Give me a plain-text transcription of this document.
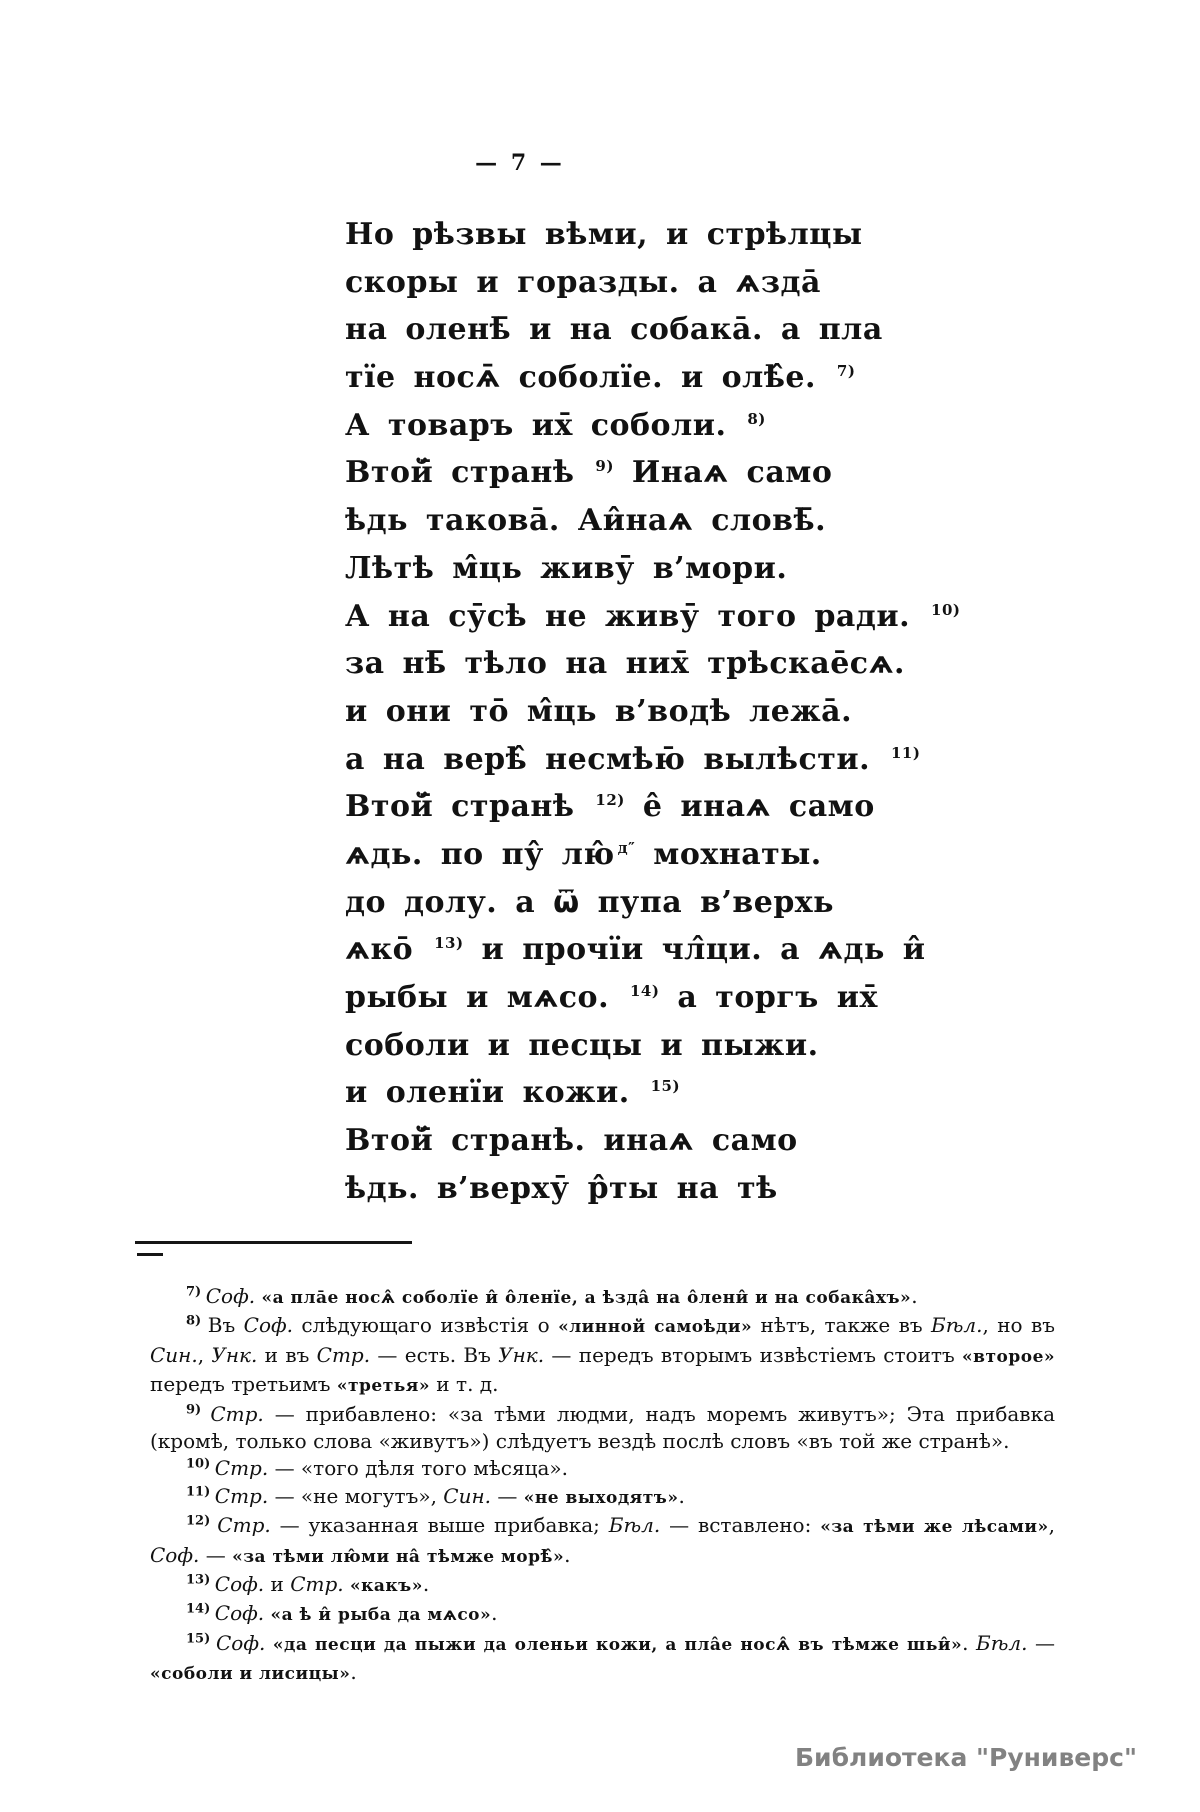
— 7 —
Но рѣзвы вѣми, и стрѣлцы
скоры и горазды. а ѧзда̄
на оленѣ̄ и на собака̄. а пла
тїе носѧ̄ соболїе. и олѣ̂е. $^{7)}$
А товаръ их̄ соболи. $^{8)}$
Втой̄ странѣ $^{9)}$ Инаѧ само
ѣдь такова̄. Аи̂наѧ словѣ̄.
Лѣтѣ м̂ць живӯ в’мори.
А на сӯсѣ не живӯ того ради. $^{10)}$
за нѣ̄ тѣло на них̄ трѣскае̄сѧ.
и они то̄ м̂ць в’водѣ лежа̄.
а на верѣ̂ несмѣю̄ вылѣсти. $^{11)}$
Втой̄ странѣ $^{12)}$ е̂ инаѧ само
ѧдь. по пу̂ лю̂ $^{д''}$ мохнаты.
до долу. а ѿ пупа в’верхь
ѧко̄ $^{13)}$ и прочїи чл̂ци. а ѧдь и̂
рыбы и мѧсо. $^{14)}$ а торгъ их̄
соболи и песцы и пыжи.
и оленїи кожи. $^{15)}$
Втой̄ странѣ. инаѧ само
ѣдь. в’верхӯ р̂ты на тѣ

$^{7)}$ Соф. «а пла̄е носѧ̂ соболїе и̂ о̂ленїе, а ѣзда̂ на о̂лени̂ и на собака̂хъ».

$^{8)}$ Въ Соф. слѣдующаго извѣстія о «линной самоѣди» нѣтъ, также въ Бѣл., но въ Син., Унк. и въ Стр. — есть. Въ Унк. — передъ вторымъ извѣстіемъ стоитъ «второе» передъ третьимъ «третья» и т. д.

$^{9)}$ Стр. — прибавлено: «за тѣми людми, надъ моремъ живутъ»; Эта прибавка (кромѣ, только слова «живутъ») слѣдуетъ вездѣ послѣ словъ «въ той же странѣ».

$^{10)}$ Стр. — «того дѣля того мѣсяца».

$^{11)}$ Стр. — «не могутъ», Син. — «не выходятъ».

$^{12)}$ Стр. — указанная выше прибавка; Бѣл. — вставлено: «за тѣми же лѣсами», Соф. — «за тѣми лю̂ми на̂ тѣмже морѣ̂».

$^{13)}$ Соф. и Стр. «какъ».

$^{14)}$ Соф. «а ѣ и̂ рыба да мѧсо».

$^{15)}$ Соф. «да песци да пыжи да оленьи кожи, а пла̂е носѧ̂ въ тѣмже шьи̂». Бѣл. — «соболи и лисицы».

Библиотека "Руниверс"
